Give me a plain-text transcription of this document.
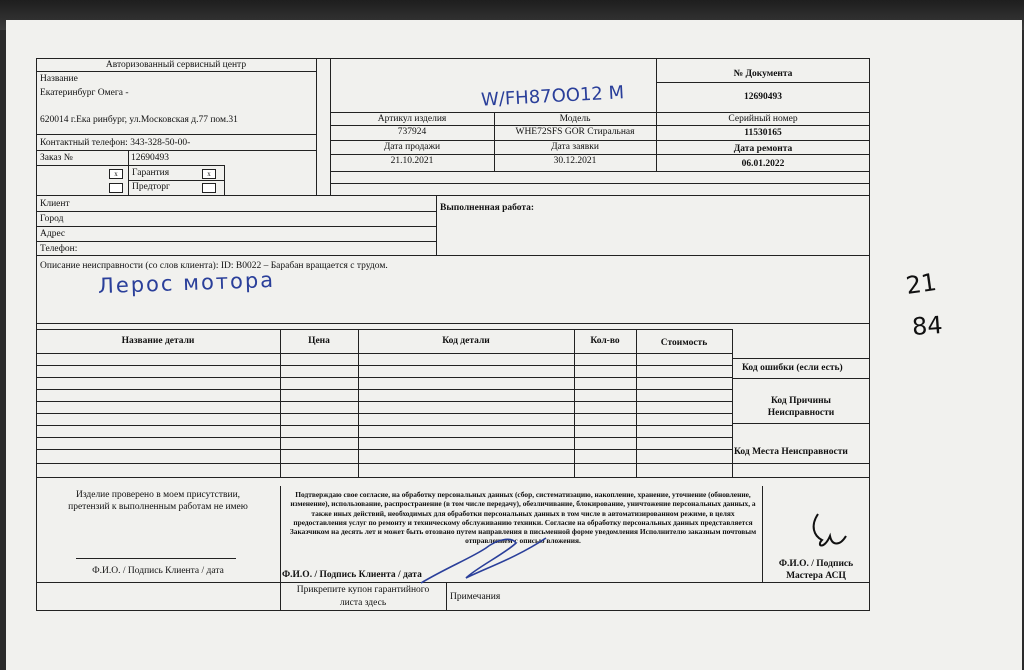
Авторизованный сервисный центр
Название
Екатеринбург Омега -
620014 г.Ека ринбург, ул.Московская д.77 пом.31
Контактный телефон: 343-328-50-00-
Заказ №	12690493
x	Гарантия	x
Предторг
№ Документа
12690493
Артикул изделия	Модель	Серийный номер
737924	WHE72SFS GOR Стиральная	11530165
Дата продажи	Дата заявки	Дата ремонта
21.10.2021	30.12.2021	06.01.2022
Клиент
Город
Адрес
Телефон:
Выполненная работа:
Описание неисправности (со слов клиента): ID: B0022 – Барабан вращается с трудом.
Лерос мотора
Название детали	Цена	Код детали	Кол-во	Стоимость
Код ошибки (если есть)
Код Причины
Неисправности
Код Места Неисправности
Изделие проверено в моем присутствии,
претензий к выполненным работам не имею
Ф.И.О. / Подпись Клиента / дата
Подтверждаю свое согласие, на обработку персональных данных (сбор, систематизацию, накопление, хранение, уточнение (обновление, изменение), использование, распространение (в том числе передачу), обезличивание, блокирование, уничтожение персональных данных, а также иных действий, необходимых для обработки персональных данных в том числе в автоматизированном режиме, в целях предоставления услуг по ремонту и техническому обслуживанию техники. Согласие на обработку персональных данных представляется Заказчиком на десять лет и может быть отозвано путем направления в письменной форме уведомления Исполнителю заказным почтовым отправлением с описью вложения.
Ф.И.О. / Подпись Клиента / дата
Ф.И.О. / Подпись
Мастера АСЦ
Прикрепите купон гарантийного
листа здесь
Примечания
W/FH87OO12 M
21
84
